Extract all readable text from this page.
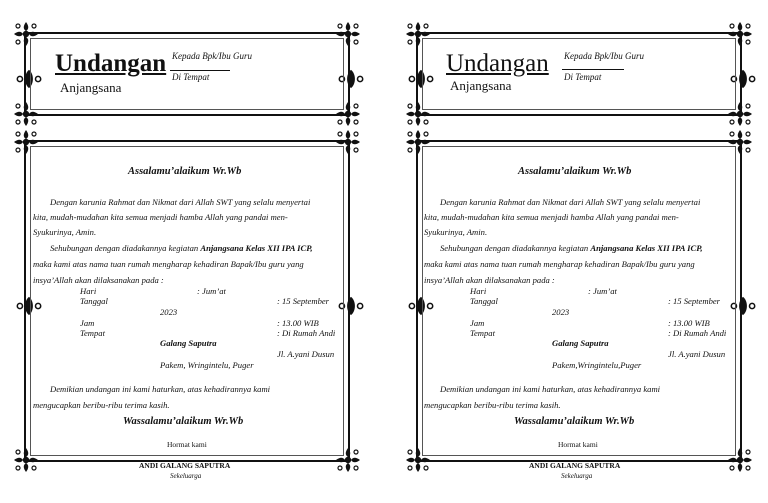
Undangan
Anjangsana
Kepada Bpk/Ibu Guru
Di Tempat
Assalamu’alaikum Wr.Wb
Dengan karunia Rahmat dan Nikmat dari Allah SWT yang selalu menyertai
kita, mudah-mudahan kita semua menjadi hamba Allah yang pandai men-
Syukurinya, Amin.
Sehubungan dengan diadakannya kegiatan Anjangsana Kelas XII IPA ICP,
maka kami atas nama tuan rumah mengharap kehadiran Bapak/Ibu guru yang
insya’Allah akan dilaksanakan pada :
Hari	: Jum’at
Tanggal	: 15 September
2023
Jam	: 13.00 WIB
Tempat	: Di Rumah Andi
Galang Saputra
Jl. A.yani Dusun
Pakem, Wringintelu, Puger
Demikian undangan ini kami haturkan, atas kehadirannya kami
mengucapkan beribu-ribu terima kasih.
Wassalamu’alaikum Wr.Wb
Hormat kami
ANDI GALANG SAPUTRA
Sekeluarga
Undangan
Anjangsana
Kepada Bpk/Ibu Guru
Di Tempat
Assalamu’alaikum Wr.Wb
Dengan karunia Rahmat dan Nikmat dari Allah SWT yang selalu menyertai
kita, mudah-mudahan kita semua menjadi hamba Allah yang pandai men-
Syukurinya, Amin.
Sehubungan dengan diadakannya kegiatan Anjangsana Kelas XII IPA ICP,
maka kami atas nama tuan rumah mengharap kehadiran Bapak/Ibu guru yang
insya’Allah akan dilaksanakan pada :
Hari	: Jum’at
Tanggal	: 15 September
2023
Jam	: 13.00 WIB
Tempat	: Di Rumah Andi
Galang Saputra
Jl. A.yani Dusun
Pakem,Wringintelu,Puger
Demikian undangan ini kami haturkan, atas kehadirannya kami
mengucapkan beribu-ribu terima kasih.
Wassalamu’alaikum Wr.Wb
Hormat kami
ANDI GALANG SAPUTRA
Sekeluarga
